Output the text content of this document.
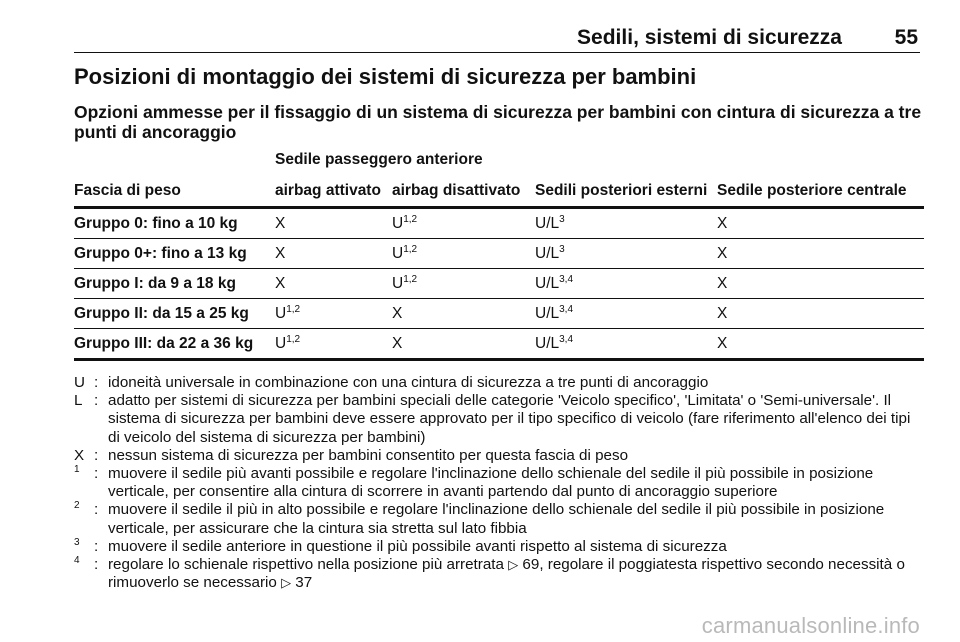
Sedili, sistemi di sicurezza	55
Posizioni di montaggio dei sistemi di sicurezza per bambini

Opzioni ammesse per il fissaggio di un sistema di sicurezza per bambini con cintura di sicurezza a tre punti di ancoraggio

Sedile passeggero anteriore
Fascia di peso	airbag attivato	airbag disattivato	Sedili posteriori esterni	Sedile posteriore centrale
Gruppo 0: fino a 10 kg	X	U$^{1,2}$	$U/L^3$	X
Gruppo 0+: fino a 13 kg	X	U$^{1,2}$	$U/L^3$	X
Gruppo I: da 9 a 18 kg	X	U$^{1,2}$	$U/L^{3,4}$	X
Gruppo II: da 15 a 25 kg	U$^{1,2}$	X	$U/L^{3,4}$	X
Gruppo III: da 22 a 36 kg	U$^{1,2}$	X	$U/L^{3,4}$	X
U : idoneità universale in combinazione con una cintura di sicurezza a tre punti di ancoraggio
L : adatto per sistemi di sicurezza per bambini speciali delle categorie 'Veicolo specifico', 'Limitata' o 'Semi-universale'. Il sistema di sicurezza per bambini deve essere approvato per il tipo specifico di veicolo (fare riferimento all'elenco dei tipi di veicolo del sistema di sicurezza per bambini)
X : nessun sistema di sicurezza per bambini consentito per questa fascia di peso
$^1$ : muovere il sedile più avanti possibile e regolare l'inclinazione dello schienale del sedile il più possibile in posizione verticale, per consentire alla cintura di scorrere in avanti partendo dal punto di ancoraggio superiore
$^2$ : muovere il sedile il più in alto possibile e regolare l'inclinazione dello schienale del sedile il più possibile in posizione verticale, per assicurare che la cintura sia stretta sul lato fibbia
$^3$ : muovere il sedile anteriore in questione il più possibile avanti rispetto al sistema di sicurezza
$^4$ : regolare lo schienale rispettivo nella posizione più arretrata ▷ 69, regolare il poggiatesta rispettivo secondo necessità o rimuoverlo se necessario ▷ 37
carmanualsonline.info
